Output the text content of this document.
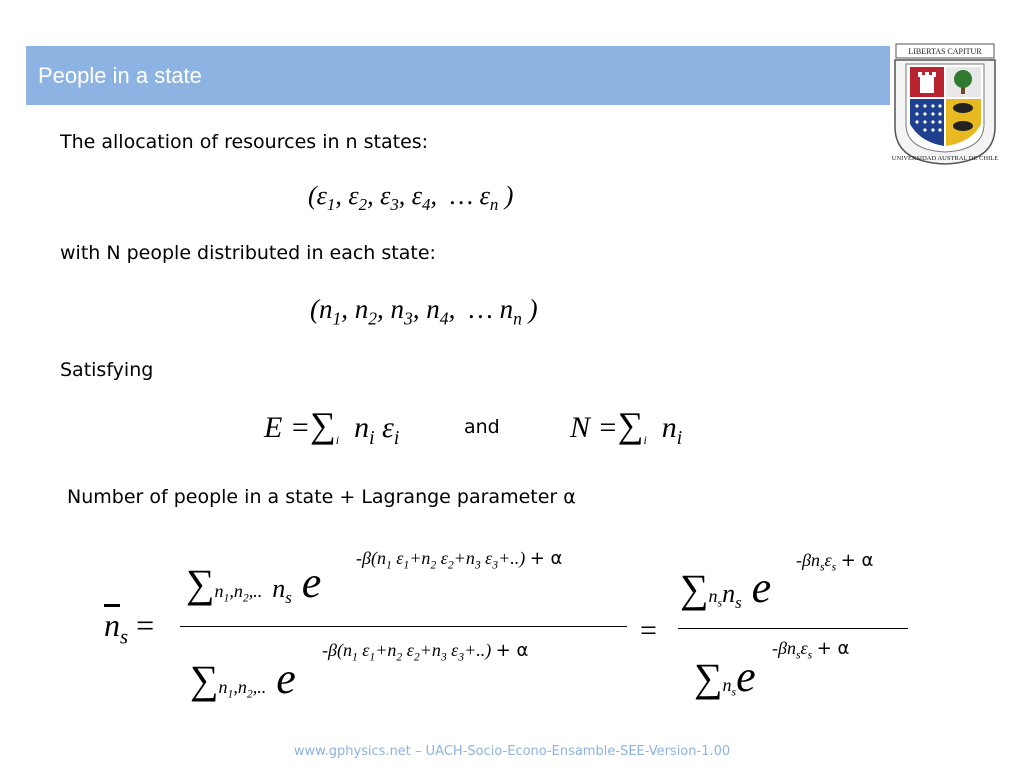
People in a state
LIBERTAS CAPITUR
UNIVERSIDAD AUSTRAL DE CHILE
The allocation of resources in n states:
($\varepsilon_1$, $\varepsilon_2$, $\varepsilon_3$, $\varepsilon_4$,  … $\varepsilon_n$ )
with N people distributed in each state:
($n_1$, $n_2$, $n_3$, $n_4$,  … $n_n$ )
Satisfying
$E =\sum_i$  $n_i$ $\varepsilon_i$
and $N =\sum_i$  $n_i$
Number of people in a state + Lagrange parameter α
$\overline{n}_s$ =
$\sum n_1,n_2$,.. $n_s$ e $-\beta(n_1$ $\varepsilon_1+n_2$ $\varepsilon_2+n_3$ $\varepsilon_3+..) + \alpha$
$\sum n_1,n_2$,.. e
$-\beta(n_1$ $\varepsilon_1+n_2$ $\varepsilon_2+n_3$ $\varepsilon_3+..) + \alpha$
=
$\sum n_sn_s$ e
$-\beta n_s\varepsilon_s + \alpha$
$\sum n_se$
$-\beta n_s\varepsilon_s + \alpha$
www.gphysics.net – UACH-Socio-Econo-Ensamble-SEE-Version-1.00
